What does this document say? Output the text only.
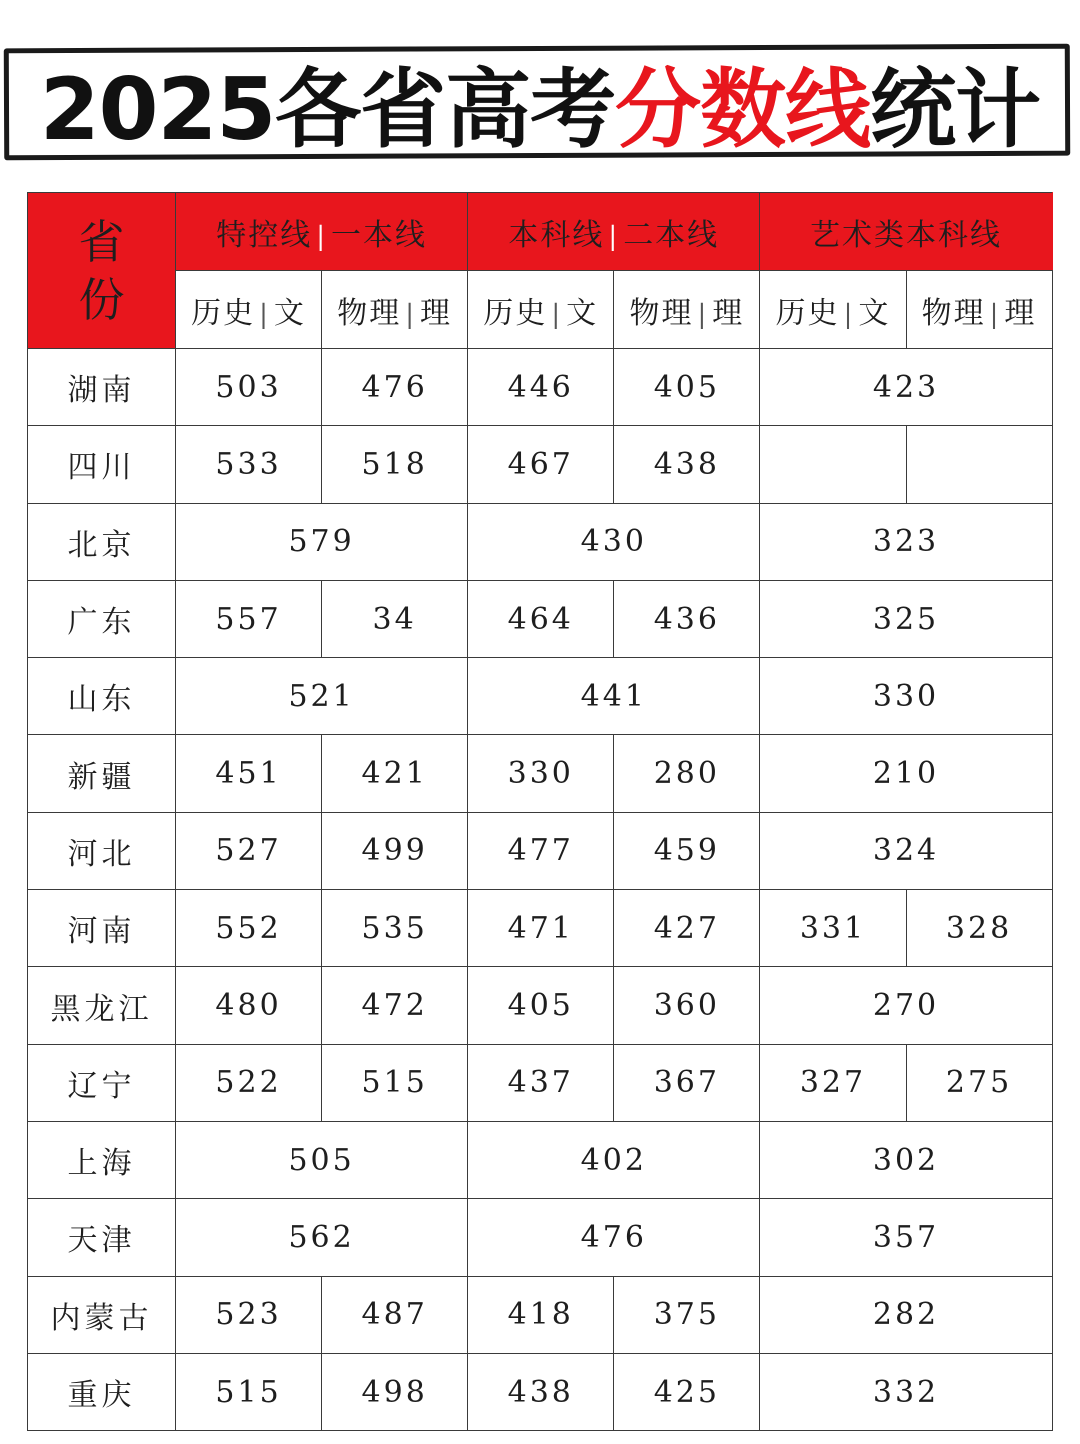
2025各省高考 分数线 统计
省
份	特控线 | 一本线		本科线 | 二本线		艺术类本科线	
	历史 | 文	物理 | 理	历史 | 文	物理 | 理	历史 | 文	物理 | 理
湖南	503	476	446	405	423	
四川	533	518	467	438		
北京	579		430		323	
广东	557	34	464	436	325	
山东	521		441		330	
新疆	451	421	330	280	210	
河北	527	499	477	459	324	
河南	552	535	471	427	331	328
黑龙江	480	472	405	360	270	
辽宁	522	515	437	367	327	275
上海	505		402		302	
天津	562		476		357	
内蒙古	523	487	418	375	282	
重庆	515	498	438	425	332	
